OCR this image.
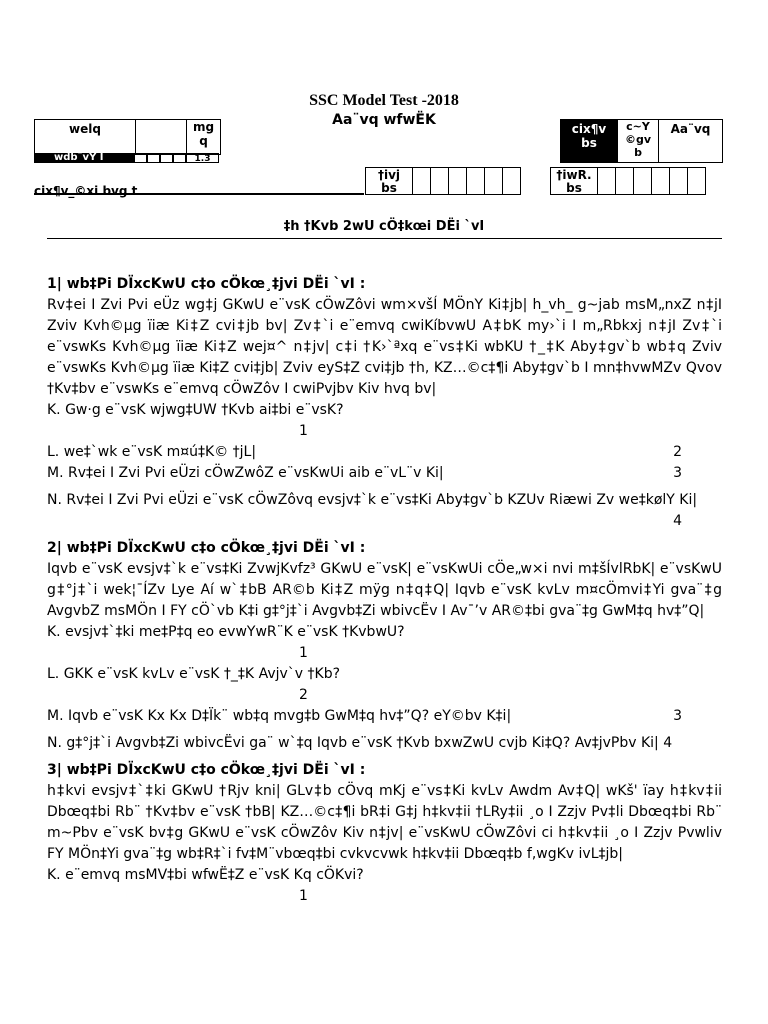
SSC Model Test -2018
Aa¨vq wfwËK
welq	mg
q
wdb¨vÝ I	1.3
cix¶v
bs
c~Y
©gv
b
Aa¨vq
†ivj
bs
†iwR.
bs
cix¶v_©xi bvg t
‡h †Kvb 2wU cÖ‡kœi DËi `vI

1| wb‡Pi DÏxcKwU c‡o cÖkœ¸‡jvi DËi `vI :

Rv‡ei I Zvi Pvi eÜz wg‡j GKwU e¨vsK cÖwZôvi wm×všÍ MÖnY Ki‡jb| h_vh_ g~jab msM„nxZ n‡jI Zviv Kvh©µg ïiæ Ki‡Z cvi‡jb bv| Zv‡`i e¨emvq cwiKíbvwU A‡bK my›`i I m„Rbkxj n‡jI Zv‡`i e¨vswKs Kvh©µg ïiæ Ki‡Z wej¤^ n‡jv| c‡i †K›`ªxq e¨vs‡Ki wbKU †_‡K Aby‡gv`b wb‡q Zviv e¨vswKs Kvh©µg ïiæ Ki‡Z cvi‡jb| Zviv eyS‡Z cvi‡jb †h, KZ…©c‡¶i Aby‡gv`b I mn‡hvwMZv Qvov †Kv‡bv e¨vswKs e¨emvq cÖwZôv I cwiPvjbv Kiv hvq bv|

K. Gw·g e¨vsK wjwg‡UW †Kvb ai‡bi e¨vsK?

1

L. we‡`wk e¨vsK m¤ú‡K© †jL|	2

M. Rv‡ei I Zvi Pvi eÜzi cÖwZwôZ e¨vsKwUi aib e¨vL¨v Ki|	3

N. Rv‡ei I Zvi Pvi eÜzi e¨vsK cÖwZôvq evsjv‡`k e¨vs‡Ki Aby‡gv`b KZUv Riæwi Zv we‡kølY Ki|

4

2| wb‡Pi DÏxcKwU c‡o cÖkœ¸‡jvi DËi `vI :

Iqvb e¨vsK evsjv‡`k e¨vs‡Ki ZvwjKvfz³ GKwU e¨vsK| e¨vsKwUi cÖe„w×i nvi m‡šÍvlRbK| e¨vsKwU g‡°j‡`i wek¦¯ÍZv Lye Aí w`‡bB AR©b Ki‡Z mÿg n‡q‡Q| Iqvb e¨vsK kvLv m¤cÖmvi‡Yi gva¨‡g AvgvbZ msMÖn I FY cÖ`vb K‡i g‡°j‡`i Avgvb‡Zi wbivcËv I Av¯’v AR©‡bi gva¨‡g GwM‡q hv‡”Q|

K. evsjv‡`‡ki me‡P‡q eo evwYwR¨K e¨vsK †KvbwU?

1

L. GKK e¨vsK kvLv e¨vsK †_‡K Avjv`v †Kb?

2

M. Iqvb e¨vsK Kx Kx D‡Ïk¨ wb‡q mvg‡b GwM‡q hv‡”Q? eY©bv K‡i|	3

N. g‡°j‡`i Avgvb‡Zi wbivcËvi ga¨ w`‡q Iqvb e¨vsK †Kvb bxwZwU cvjb Ki‡Q? Av‡jvPbv Ki| 4

3| wb‡Pi DÏxcKwU c‡o cÖkœ¸‡jvi DËi `vI :

h‡kvi evsjv‡`‡ki GKwU †Rjv kni| GLv‡b cÖvq mKj e¨vs‡Ki kvLv Awdm Av‡Q| wKš' ïay h‡kv‡ii Dbœq‡bi Rb¨ †Kv‡bv e¨vsK †bB| KZ…©c‡¶i bR‡i G‡j h‡kv‡ii †LRy‡ii ¸o I Zzjv Pv‡li Dbœq‡bi Rb¨ m~Pbv e¨vsK bv‡g GKwU e¨vsK cÖwZôv Kiv n‡jv| e¨vsKwU cÖwZôvi ci h‡kv‡ii ¸o I Zzjv Pvwliv FY MÖn‡Yi gva¨‡g wb‡R‡`i fv‡M¨vbœq‡bi cvkvcvwk h‡kv‡ii Dbœq‡b f‚wgKv ivL‡jb|

K. e¨emvq msMV‡bi wfwË‡Z e¨vsK Kq cÖKvi?

1
